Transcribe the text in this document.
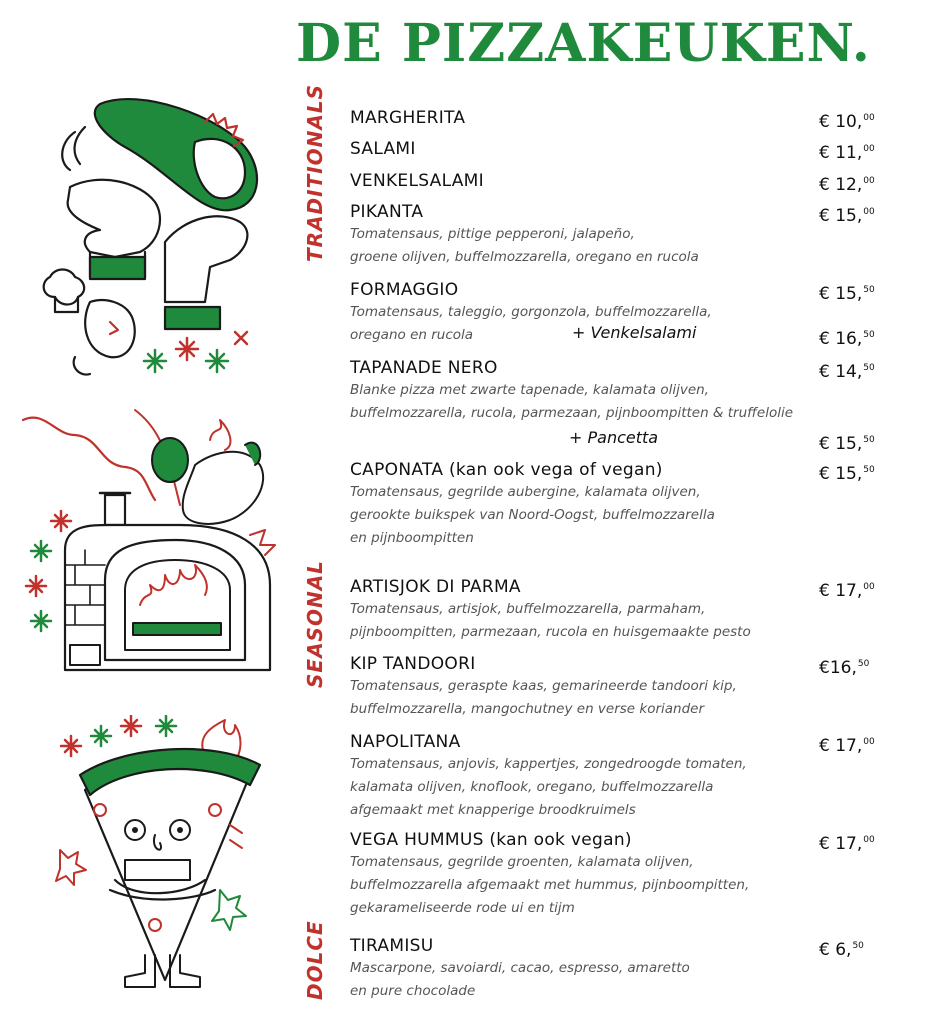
DE PIZZAKEUKEN.
TRADITIONALS
SEASONAL
DOLCE
MARGHERITA	€ 10,00
SALAMI	€ 11,00
VENKELSALAMI	€ 12,00
PIKANTA
Tomatensaus, pittige pepperoni, jalapeño,
groene olijven, buffelmozzarella, oregano en rucola
€ 15,00
FORMAGGIO
Tomatensaus, taleggio, gorgonzola, buffelmozzarella,
oregano en rucola
€ 15,50
+ Venkelsalami	€ 16,50
TAPANADE NERO
Blanke pizza met zwarte tapenade, kalamata olijven,
buffelmozzarella, rucola, parmezaan, pijnboompitten & truffelolie
€ 14,50
+ Pancetta	€ 15,50
CAPONATA (kan ook vega of vegan)
Tomatensaus, gegrilde aubergine, kalamata olijven,
gerookte buikspek van Noord-Oogst, buffelmozzarella
en pijnboompitten
€ 15,50
ARTISJOK DI PARMA
Tomatensaus, artisjok, buffelmozzarella, parmaham,
pijnboompitten, parmezaan, rucola en huisgemaakte pesto
€ 17,00
KIP TANDOORI
Tomatensaus, geraspte kaas, gemarineerde tandoori kip,
buffelmozzarella, mangochutney en verse koriander
€16,50
NAPOLITANA
Tomatensaus, anjovis, kappertjes, zongedroogde tomaten,
kalamata olijven, knoflook, oregano, buffelmozzarella
afgemaakt met knapperige broodkruimels
€ 17,00
VEGA HUMMUS (kan ook vegan)
Tomatensaus, gegrilde groenten, kalamata olijven,
buffelmozzarella afgemaakt met hummus, pijnboompitten,
gekarameliseerde rode ui en tijm
€ 17,00
TIRAMISU
Mascarpone, savoiardi, cacao, espresso, amaretto
en pure chocolade
€ 6,50
